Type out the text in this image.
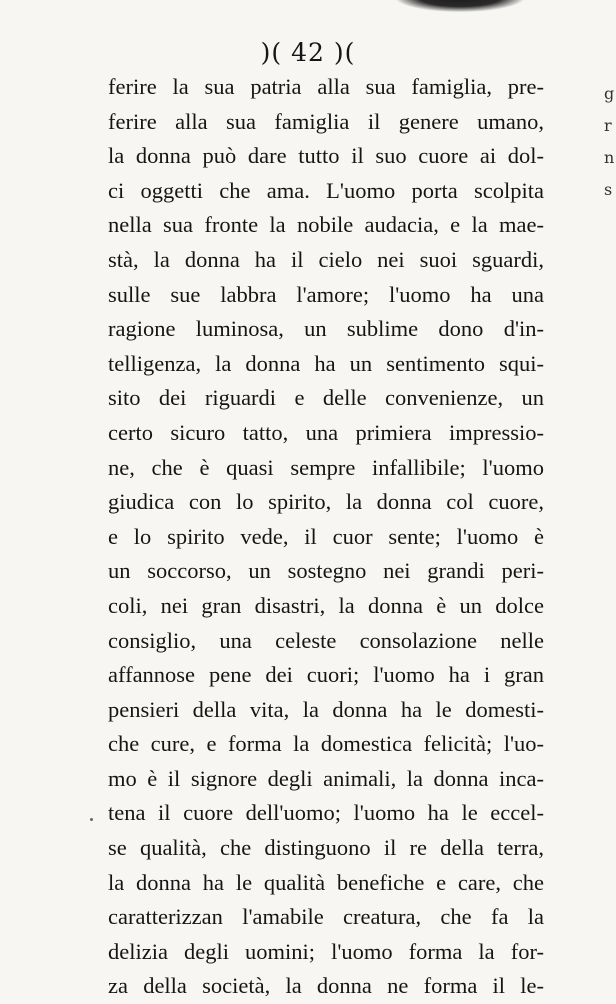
g
r
n
s
)( 42 )(
ferire la sua patria alla sua famiglia, pre-
ferire alla sua famiglia il genere umano,
la donna può dare tutto il suo cuore ai dol-
ci oggetti che ama. L'uomo porta scolpita
nella sua fronte la nobile audacia, e la mae-
stà, la donna ha il cielo nei suoi sguardi,
sulle sue labbra l'amore; l'uomo ha una
ragione luminosa, un sublime dono d'in-
telligenza, la donna ha un sentimento squi-
sito dei riguardi e delle convenienze, un
certo sicuro tatto, una primiera impressio-
ne, che è quasi sempre infallibile; l'uomo
giudica con lo spirito, la donna col cuore,
e lo spirito vede, il cuor sente; l'uomo è
un soccorso, un sostegno nei grandi peri-
coli, nei gran disastri, la donna è un dolce
consiglio, una celeste consolazione nelle
affannose pene dei cuori; l'uomo ha i gran
pensieri della vita, la donna ha le domesti-
che cure, e forma la domestica felicità; l'uo-
mo è il signore degli animali, la donna inca-
tena il cuore dell'uomo; l'uomo ha le eccel-
se qualità, che distinguono il re della terra,
la donna ha le qualità benefiche e care, che
caratterizzan l'amabile creatura, che fa la
delizia degli uomini; l'uomo forma la for-
za della società, la donna ne forma il le-
